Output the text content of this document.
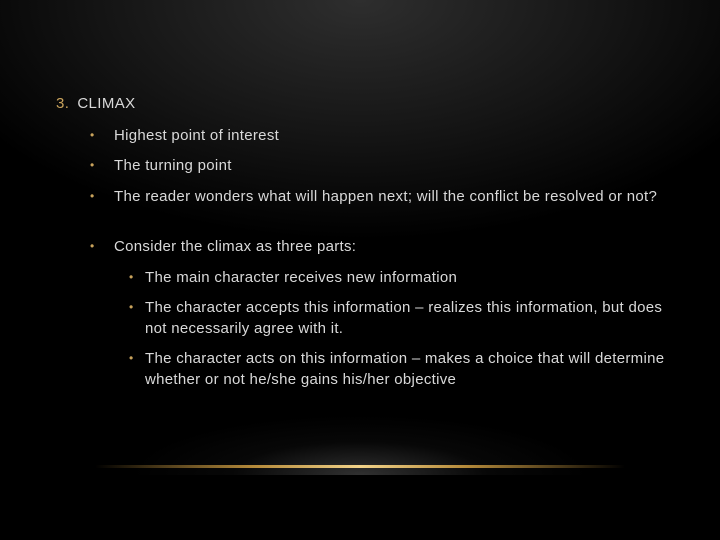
3. CLIMAX
• Highest point of interest
• The turning point
• The reader wonders what will happen next; will the conflict be resolved or not?
• Consider the climax as three parts:
• The main character receives new information
• The character accepts this information – realizes this information, but does not necessarily agree with it.
• The character acts on this information – makes a choice that will determine whether or not he/she gains his/her objective
